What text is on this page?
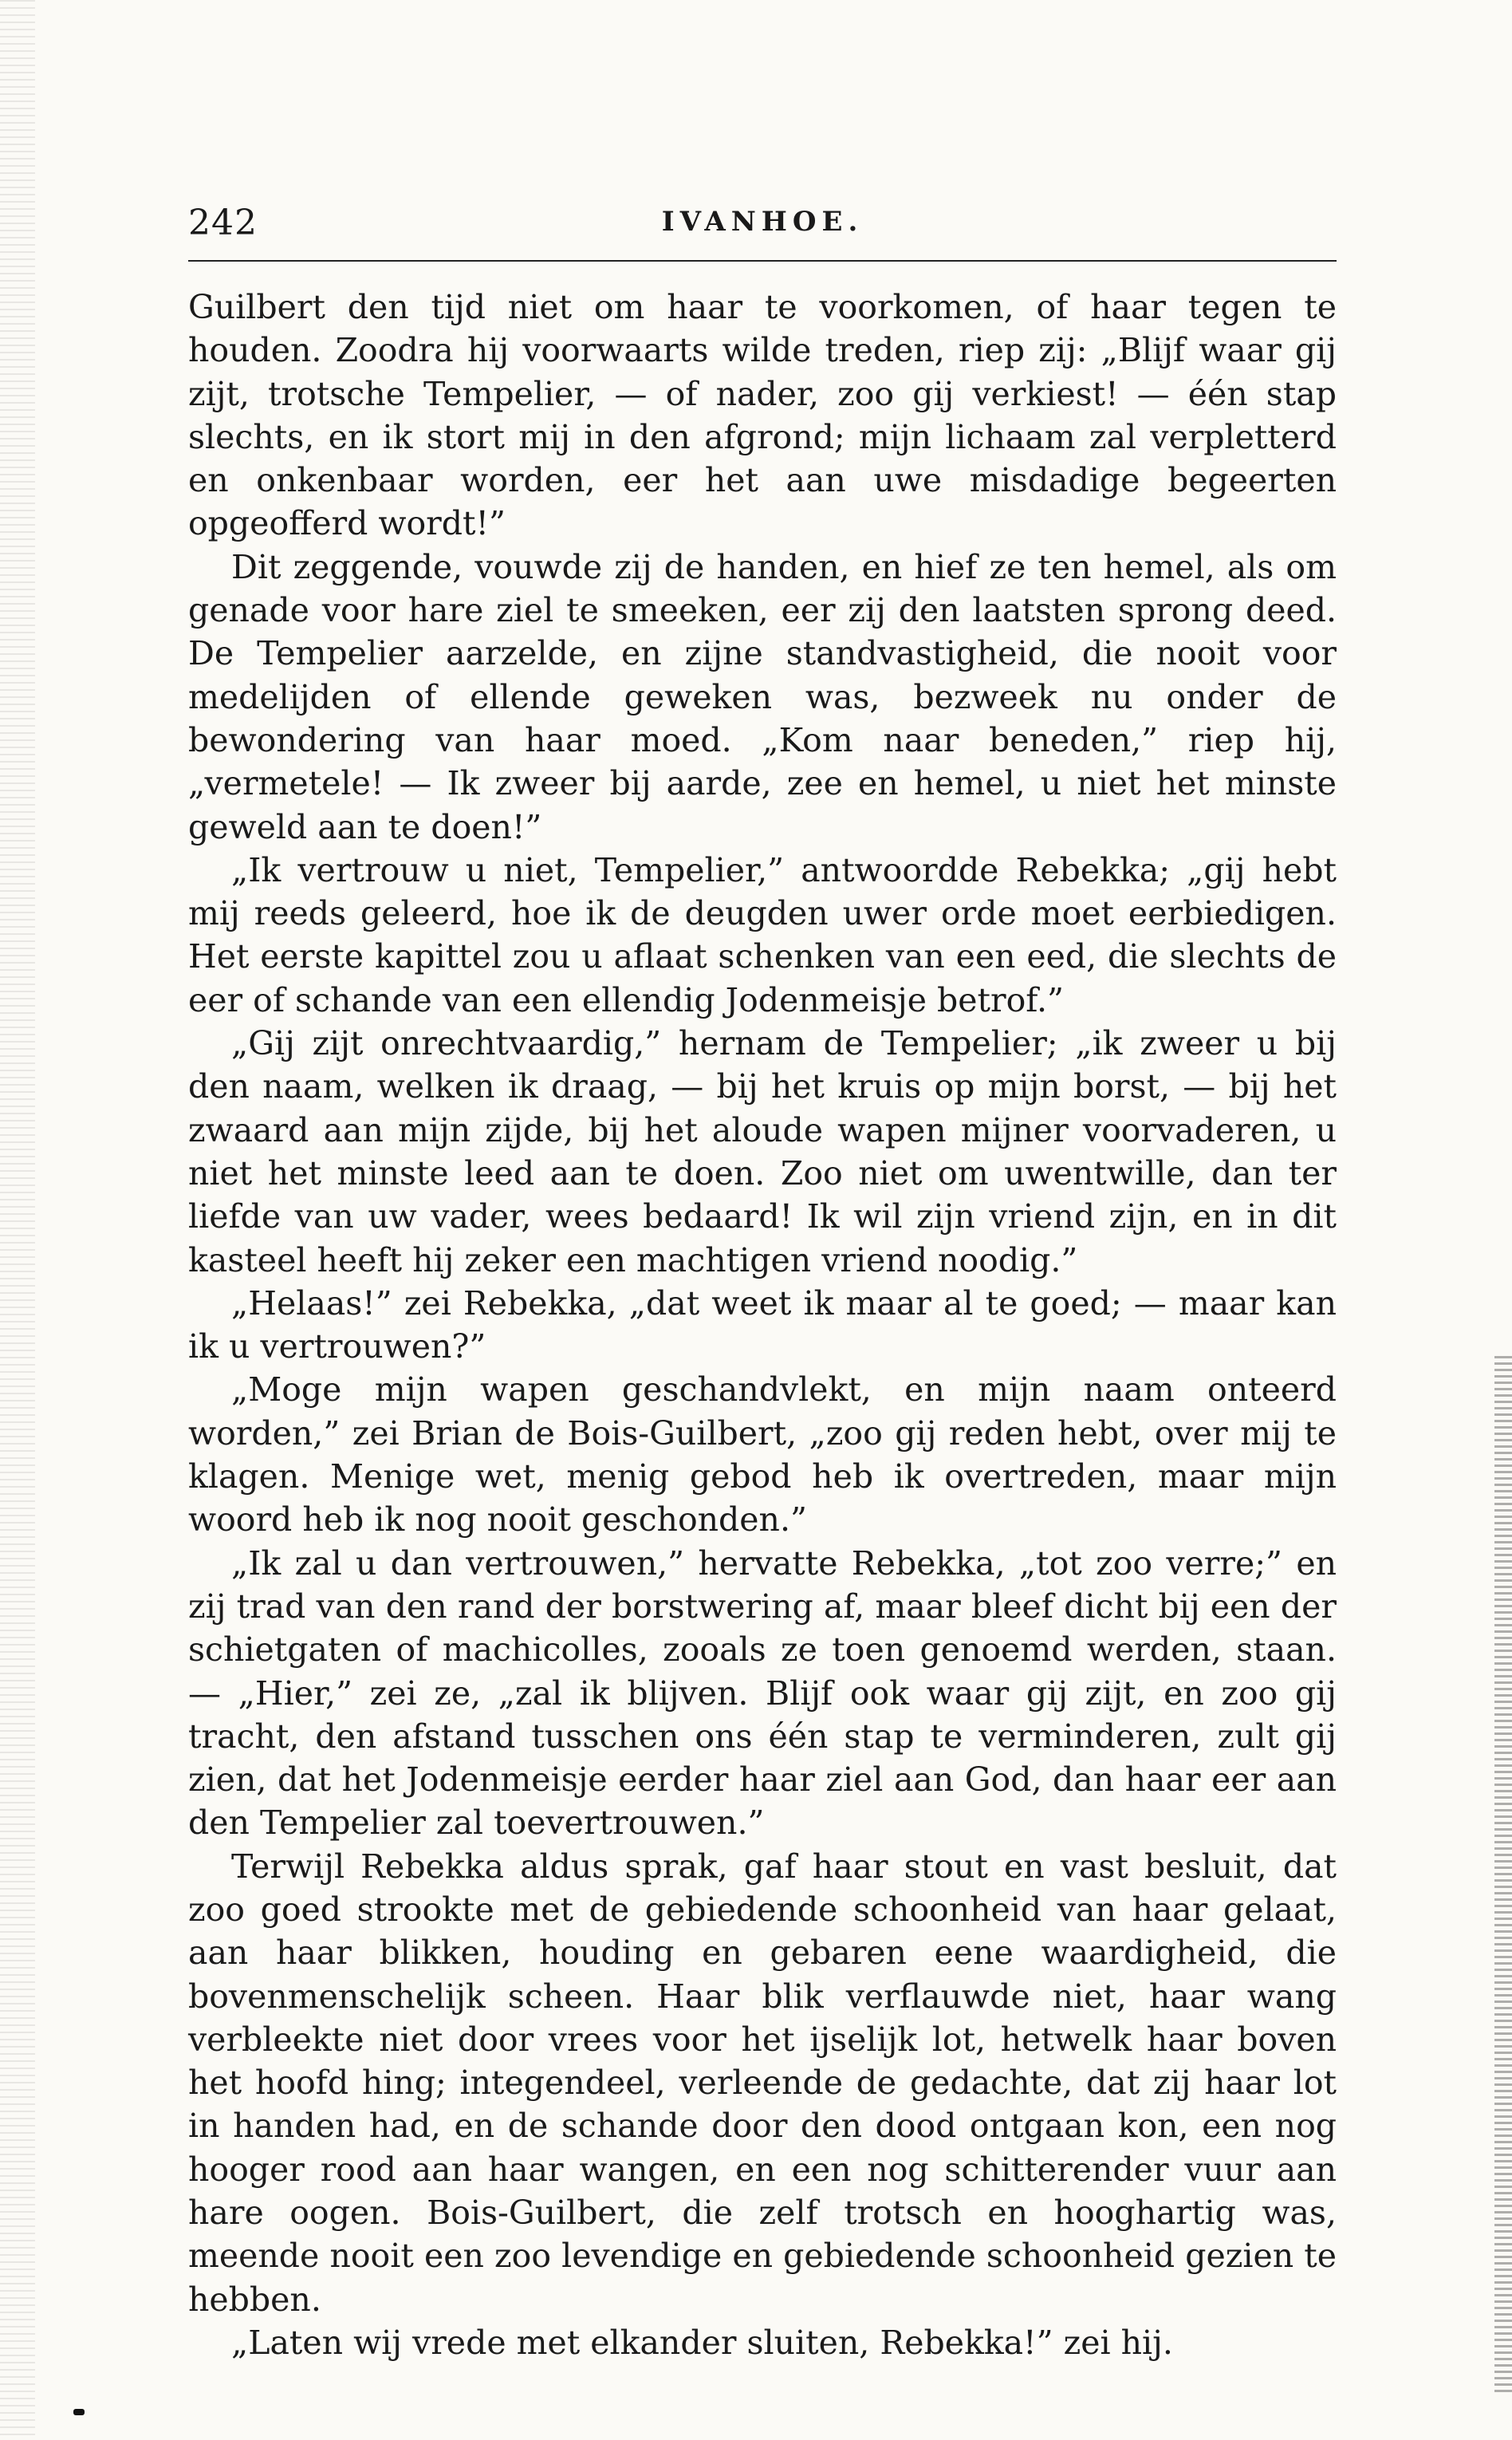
242	IVANHOE.

Guilbert den tijd niet om haar te voorkomen, of haar tegen te houden. Zoodra hij voorwaarts wilde treden, riep zij: „Blijf waar gij zijt, trotsche Tempelier, — of nader, zoo gij verkiest! — één stap slechts, en ik stort mij in den afgrond; mijn lichaam zal verpletterd en onkenbaar worden, eer het aan uwe misdadige begeerten opgeofferd wordt!”

Dit zeggende, vouwde zij de handen, en hief ze ten hemel, als om genade voor hare ziel te smeeken, eer zij den laatsten sprong deed. De Tempelier aarzelde, en zijne standvastigheid, die nooit voor medelijden of ellende geweken was, bezweek nu onder de bewondering van haar moed. „Kom naar beneden,” riep hij, „vermetele! — Ik zweer bij aarde, zee en hemel, u niet het minste geweld aan te doen!”

„Ik vertrouw u niet, Tempelier,” antwoordde Rebekka; „gij hebt mij reeds geleerd, hoe ik de deugden uwer orde moet eerbiedigen. Het eerste kapittel zou u aflaat schenken van een eed, die slechts de eer of schande van een ellendig Jodenmeisje betrof.”

„Gij zijt onrechtvaardig,” hernam de Tempelier; „ik zweer u bij den naam, welken ik draag, — bij het kruis op mijn borst, — bij het zwaard aan mijn zijde, bij het aloude wapen mijner voorvaderen, u niet het minste leed aan te doen. Zoo niet om uwentwille, dan ter liefde van uw vader, wees bedaard! Ik wil zijn vriend zijn, en in dit kasteel heeft hij zeker een machtigen vriend noodig.”

„Helaas!” zei Rebekka, „dat weet ik maar al te goed; — maar kan ik u vertrouwen?”

„Moge mijn wapen geschandvlekt, en mijn naam onteerd worden,” zei Brian de Bois-Guilbert, „zoo gij reden hebt, over mij te klagen. Menige wet, menig gebod heb ik overtreden, maar mijn woord heb ik nog nooit geschonden.”

„Ik zal u dan vertrouwen,” hervatte Rebekka, „tot zoo verre;” en zij trad van den rand der borstwering af, maar bleef dicht bij een der schietgaten of machicolles, zooals ze toen genoemd werden, staan. — „Hier,” zei ze, „zal ik blijven. Blijf ook waar gij zijt, en zoo gij tracht, den afstand tusschen ons één stap te verminderen, zult gij zien, dat het Jodenmeisje eerder haar ziel aan God, dan haar eer aan den Tempelier zal toevertrouwen.”

Terwijl Rebekka aldus sprak, gaf haar stout en vast besluit, dat zoo goed strookte met de gebiedende schoonheid van haar gelaat, aan haar blikken, houding en gebaren eene waardigheid, die bovenmenschelijk scheen. Haar blik verflauwde niet, haar wang verbleekte niet door vrees voor het ijselijk lot, hetwelk haar boven het hoofd hing; integendeel, verleende de gedachte, dat zij haar lot in handen had, en de schande door den dood ontgaan kon, een nog hooger rood aan haar wangen, en een nog schitterender vuur aan hare oogen. Bois-Guilbert, die zelf trotsch en hooghartig was, meende nooit een zoo levendige en gebiedende schoonheid gezien te hebben.

„Laten wij vrede met elkander sluiten, Rebekka!” zei hij.
